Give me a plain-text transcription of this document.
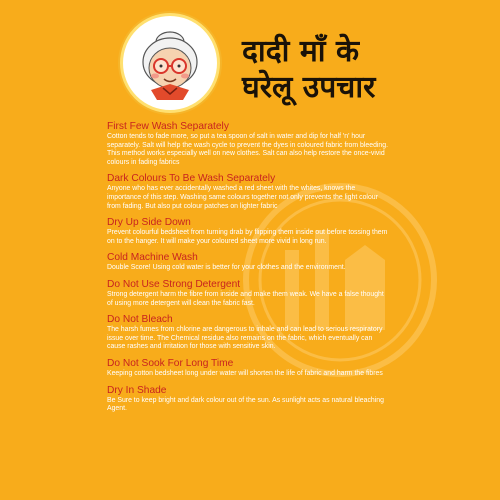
दादी माँ के
घरेलू उपचार
First Few Wash Separately
Cotton tends to fade more, so put a tea spoon of salt in water and dip for half 'n' hour separately. Salt will help the wash cycle to prevent the dyes in coloured fabric from bleeding. This method works especially well on new clothes. Salt can also help restore the once-vivid colours in fading fabrics
Dark Colours To Be Wash Separately
Anyone who has ever accidentally washed a red sheet with the whites, knows the importance of this step. Washing same colours together not only prevents the light colour from fading. But also put colour patches on lighter fabric
Dry Up Side Down
Prevent colourful bedsheet from turning drab by flipping them inside out before tossing them on to the hanger. It will make your coloured sheet more vivid in long run.
Cold Machine Wash
Double Score! Using cold water is better for your clothes and the environment.
Do Not Use Strong Detergent
Strong detergent harm the fibre from inside and make them weak. We have a false thought of using more detergent will clean the fabric fast.
Do Not Bleach
The harsh fumes from chlorine are dangerous to inhale and can lead to serious respiratory issue over time. The Chemical residue also remains on the fabric, which eventually can cause rashes and irritation for those with sensitive skin.
Do Not Sook For Long Time
Keeping cotton bedsheet long under water will shorten the life of fabric and harm the fibres
Dry In Shade
Be Sure to keep bright and dark colour out of the sun. As sunlight acts as natural bleaching Agent.
